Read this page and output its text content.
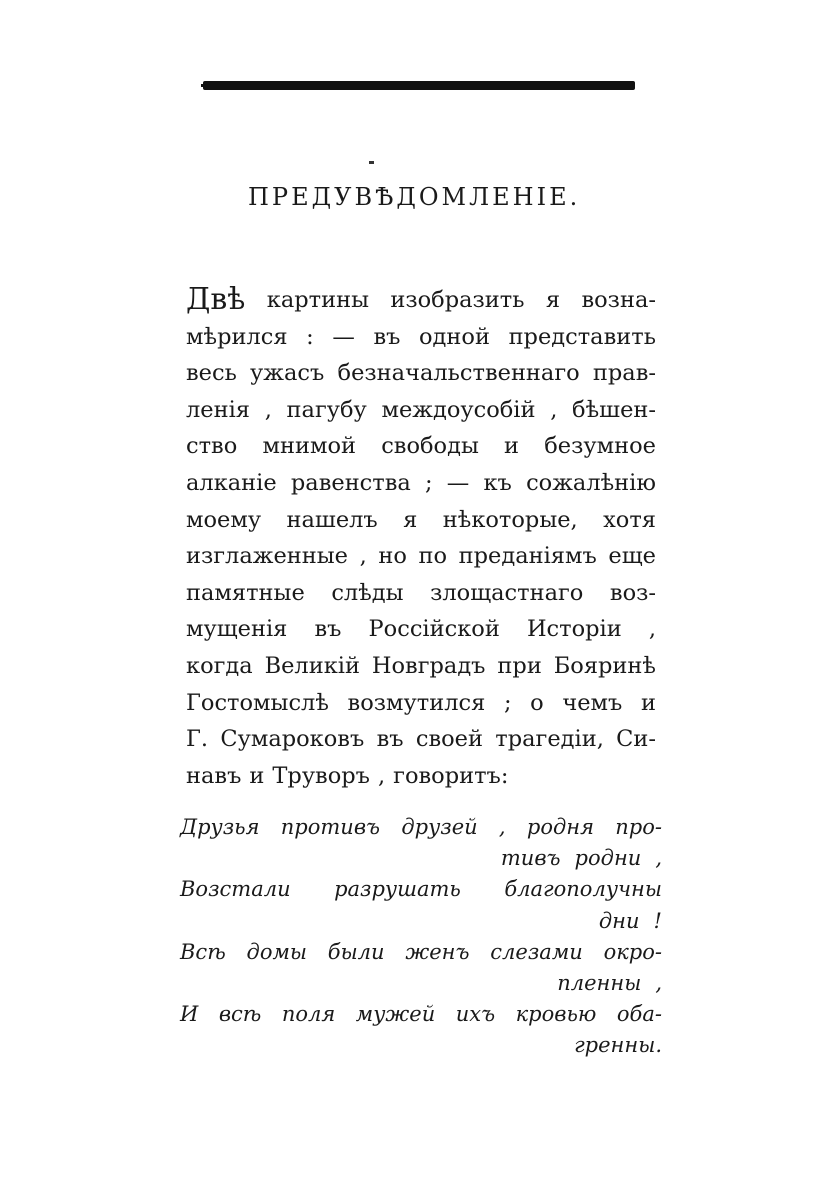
ПРЕДУВѢДОМЛЕНІЕ.
Двѣ картины изобразить я возна-
мѣрился : — въ одной представить
весь ужасъ безначальственнаго прав-
ленія , пагубу междоусобій , бѣшен-
ство мнимой свободы и безумное
алканіе равенства ; — къ сожалѣнію
моему нашелъ я нѣкоторые, хотя
изглаженные , но по преданіямъ еще
памятные слѣды злощастнаго воз-
мущенія въ Россійской Исторіи ,
когда Великій Новградъ при Бояринѣ
Гостомыслѣ возмутился ; о чемъ и
Г. Сумароковъ въ своей трагедіи, Си-
навъ и Труворъ , говоритъ:
Друзья противъ друзей , родня про-
тивъ родни ,
Возстали разрушать благополучны
дни !
Всѣ домы были женъ слезами окро-
пленны ,
И всѣ поля мужей ихъ кровью оба-
гренны.
